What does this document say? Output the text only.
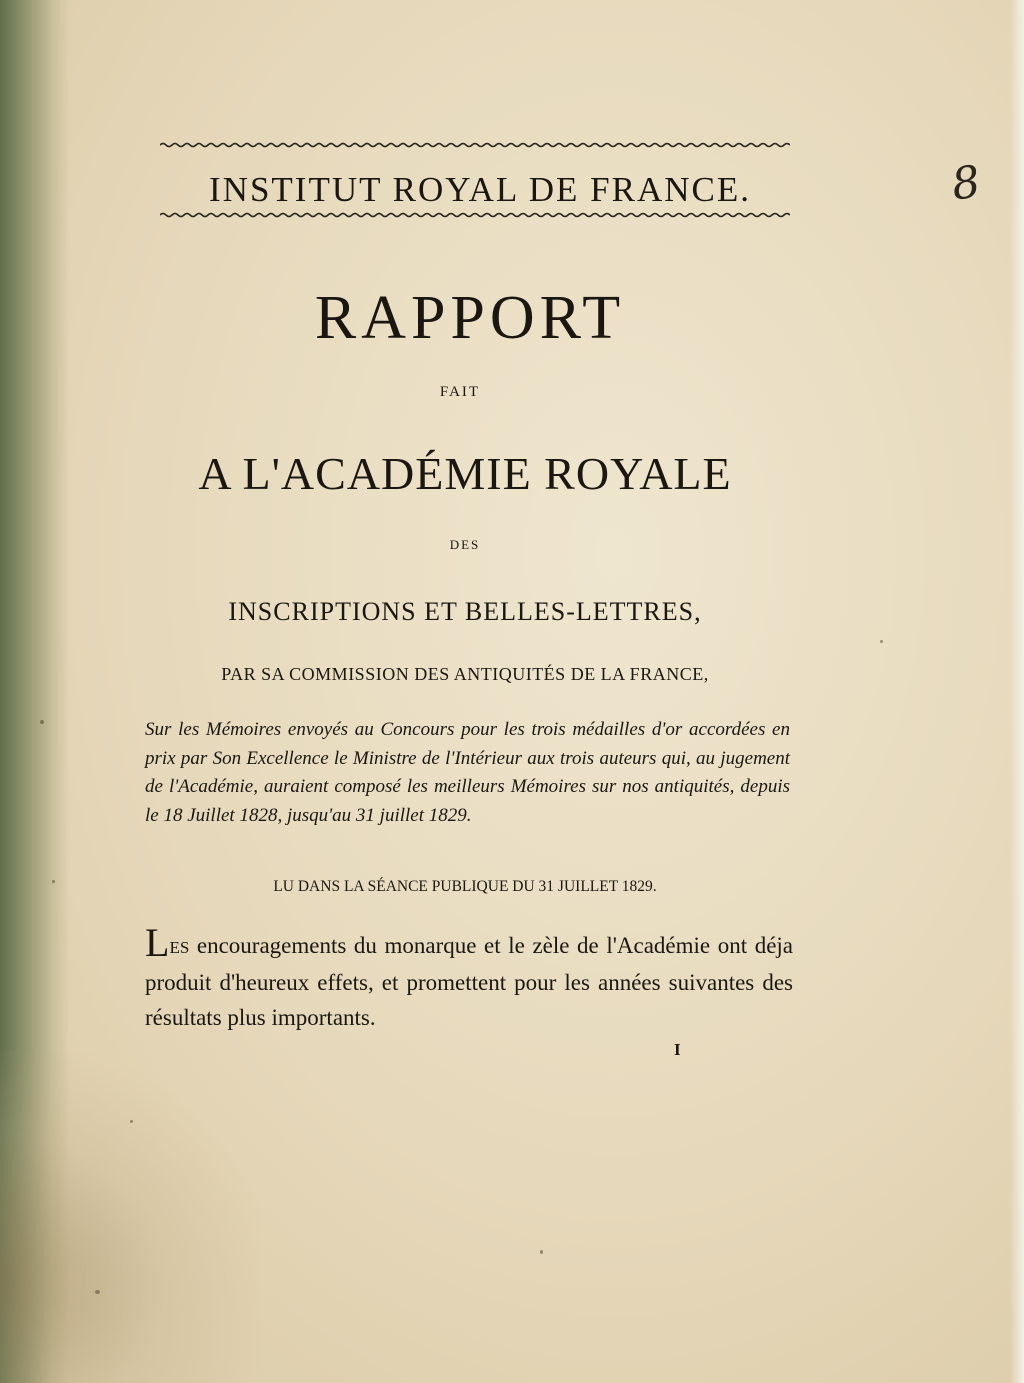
INSTITUT ROYAL DE FRANCE.	8
RAPPORT
FAIT
A L'ACADÉMIE ROYALE
DES
INSCRIPTIONS ET BELLES-LETTRES,
PAR SA COMMISSION DES ANTIQUITÉS DE LA FRANCE,
Sur les Mémoires envoyés au Concours pour les trois médailles d'or accordées en prix par Son Excellence le Ministre de l'Intérieur aux trois auteurs qui, au jugement de l'Académie, auraient composé les meilleurs Mémoires sur nos antiquités, depuis le 18 Juillet 1828, jusqu'au 31 juillet 1829.
LU DANS LA SÉANCE PUBLIQUE DU 31 JUILLET 1829.
LES encouragements du monarque et le zèle de l'Académie ont déja produit d'heureux effets, et promettent pour les années suivantes des résultats plus importants.
I
